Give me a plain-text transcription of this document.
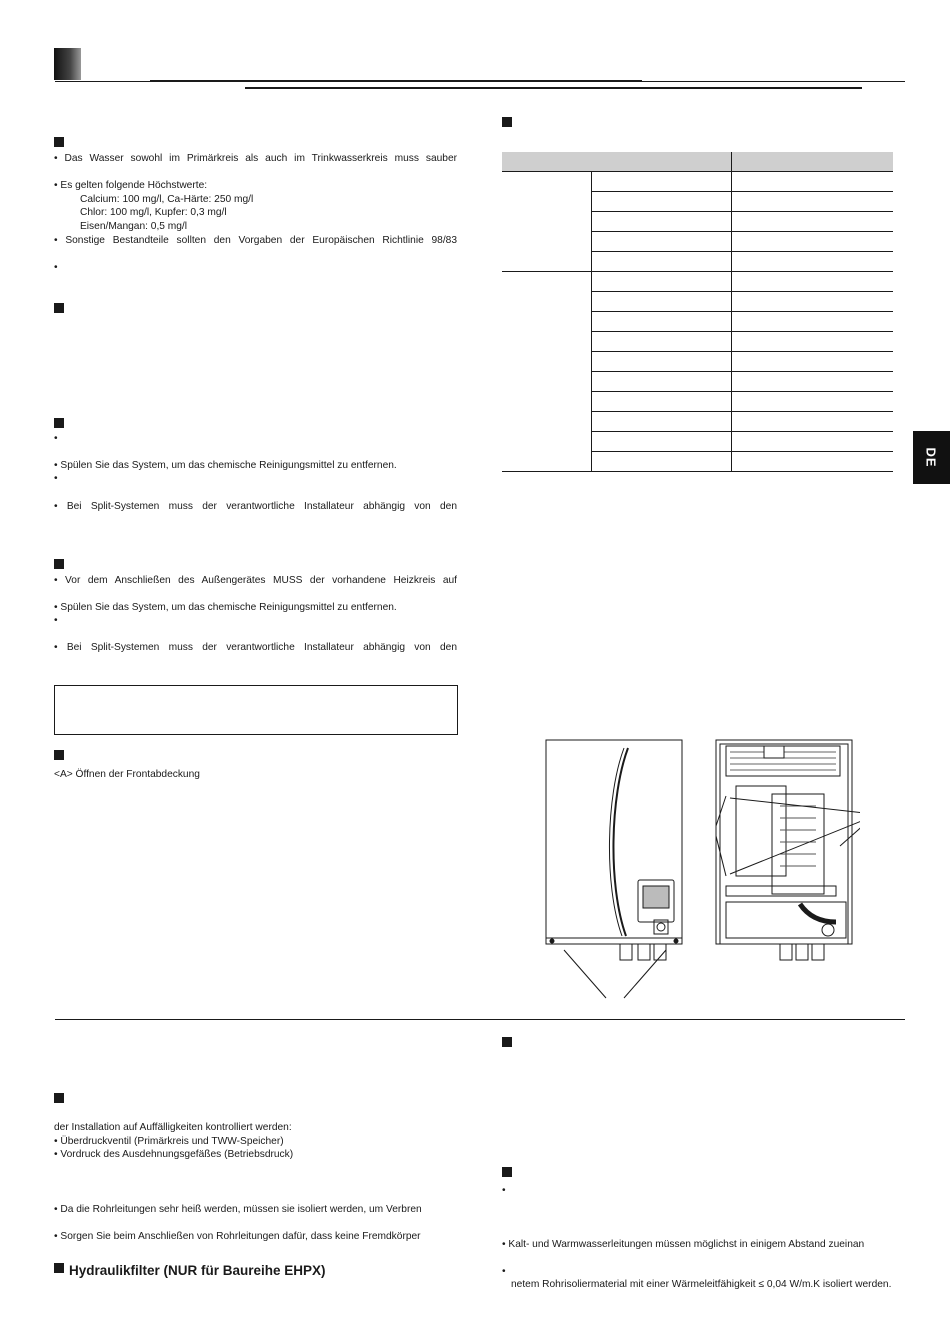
DE
• Das Wasser sowohl im Primärkreis als auch im Trinkwasserkreis muss sauber
• Es gelten folgende Höchstwerte:
Calcium: 100 mg/l, Ca-Härte: 250 mg/l
Chlor: 100 mg/l, Kupfer: 0,3 mg/l
Eisen/Mangan: 0,5 mg/l
• Sonstige Bestandteile sollten den Vorgaben der Europäischen Richtlinie 98/83
•
•
• Spülen Sie das System, um das chemische Reinigungsmittel zu entfernen.
•
• Bei Split-Systemen muss der verantwortliche Installateur abhängig von den
• Vor dem Anschließen des Außengerätes MUSS der vorhandene Heizkreis auf
• Spülen Sie das System, um das chemische Reinigungsmittel zu entfernen.
•
• Bei Split-Systemen muss der verantwortliche Installateur abhängig von den
<A> Öffnen der Frontabdeckung

der Installation auf Auffälligkeiten kontrolliert werden:
• Überdruckventil (Primärkreis und TWW-Speicher)
• Vordruck des Ausdehnungsgefäßes (Betriebsdruck)
• Da die Rohrleitungen sehr heiß werden, müssen sie isoliert werden, um Verbren
• Sorgen Sie beim Anschließen von Rohrleitungen dafür, dass keine Fremdkörper
Hydraulikfilter (NUR für Baureihe EHPX)
•
• Kalt- und Warmwasserleitungen müssen möglichst in einigem Abstand zueinan
•
netem Rohrisoliermaterial mit einer Wärmeleitfähigkeit ≤ 0,04 W/m.K isoliert werden.
